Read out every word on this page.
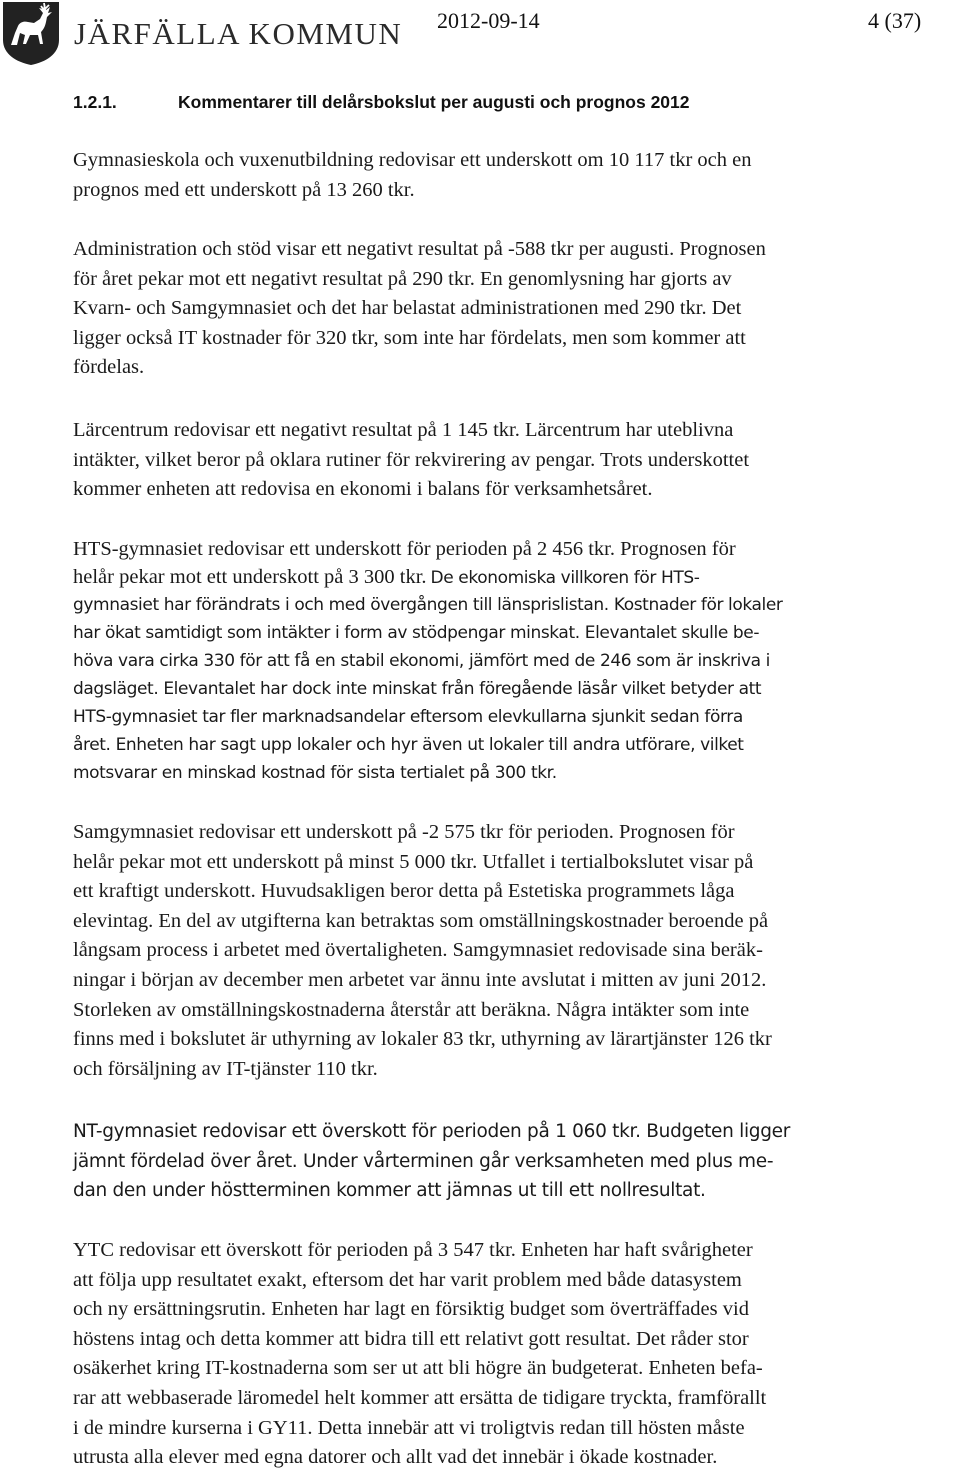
JÄRFÄLLA KOMMUN 2012-09-14	4 (37)
1.2.1.	Kommentarer till delårsbokslut per augusti och prognos 2012
Gymnasieskola och vuxenutbildning redovisar ett underskott om 10 117 tkr och en
prognos med ett underskott på 13 260 tkr.
Administration och stöd visar ett negativt resultat på -588 tkr per augusti. Prognosen
för året pekar mot ett negativt resultat på 290 tkr. En genomlysning har gjorts av
Kvarn- och Samgymnasiet och det har belastat administrationen med 290 tkr. Det
ligger också IT kostnader för 320 tkr, som inte har fördelats, men som kommer att
fördelas.
Lärcentrum redovisar ett negativt resultat på 1 145 tkr. Lärcentrum har uteblivna
intäkter, vilket beror på oklara rutiner för rekvirering av pengar. Trots underskottet
kommer enheten att redovisa en ekonomi i balans för verksamhetsåret.
HTS-gymnasiet redovisar ett underskott för perioden på 2 456 tkr. Prognosen för
helår pekar mot ett underskott på 3 300 tkr. De ekonomiska villkoren för HTS-
gymnasiet har förändrats i och med övergången till länsprislistan. Kostnader för lokaler
har ökat samtidigt som intäkter i form av stödpengar minskat. Elevantalet skulle be-
höva vara cirka 330 för att få en stabil ekonomi, jämfört med de 246 som är inskriva i
dagsläget. Elevantalet har dock inte minskat från föregående läsår vilket betyder att
HTS-gymnasiet tar fler marknadsandelar eftersom elevkullarna sjunkit sedan förra
året. Enheten har sagt upp lokaler och hyr även ut lokaler till andra utförare, vilket
motsvarar en minskad kostnad för sista tertialet på 300 tkr.
Samgymnasiet redovisar ett underskott på -2 575 tkr för perioden. Prognosen för
helår pekar mot ett underskott på minst 5 000 tkr. Utfallet i tertialbokslutet visar på
ett kraftigt underskott. Huvudsakligen beror detta på Estetiska programmets låga
elevintag. En del av utgifterna kan betraktas som omställningskostnader beroende på
långsam process i arbetet med övertaligheten. Samgymnasiet redovisade sina beräk-
ningar i början av december men arbetet var ännu inte avslutat i mitten av juni 2012.
Storleken av omställningskostnaderna återstår att beräkna. Några intäkter som inte
finns med i bokslutet är uthyrning av lokaler 83 tkr, uthyrning av lärartjänster 126 tkr
och försäljning av IT-tjänster 110 tkr.
NT-gymnasiet redovisar ett överskott för perioden på 1 060 tkr. Budgeten ligger
jämnt fördelad över året. Under vårterminen går verksamheten med plus me-
dan den under höstterminen kommer att jämnas ut till ett nollresultat.
YTC redovisar ett överskott för perioden på 3 547 tkr. Enheten har haft svårigheter
att följa upp resultatet exakt, eftersom det har varit problem med både datasystem
och ny ersättningsrutin. Enheten har lagt en försiktig budget som överträffades vid
höstens intag och detta kommer att bidra till ett relativt gott resultat. Det råder stor
osäkerhet kring IT-kostnaderna som ser ut att bli högre än budgeterat. Enheten befa-
rar att webbaserade läromedel helt kommer att ersätta de tidigare tryckta, framförallt
i de mindre kurserna i GY11. Detta innebär att vi troligtvis redan till hösten måste
utrusta alla elever med egna datorer och allt vad det innebär i ökade kostnader.
